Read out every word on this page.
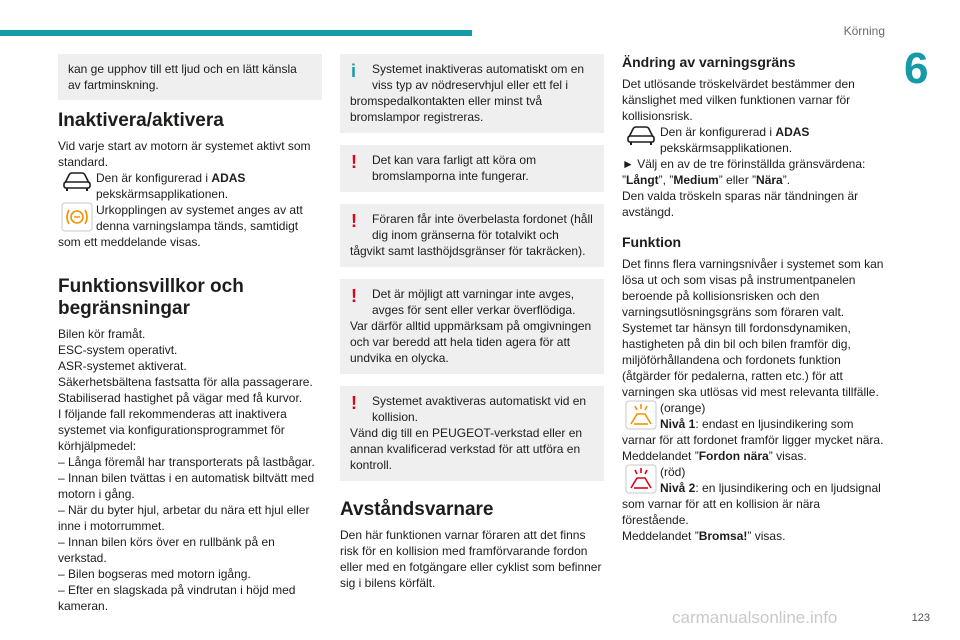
Körning
6

kan ge upphov till ett ljud och en lätt känsla av fartminskning.

Inaktivera/aktivera

Vid varje start av motorn är systemet aktivt som standard.

Den är konfigurerad i ADAS pekskärmsapplikationen.

Urkopplingen av systemet anges av att denna varningslampa tänds, samtidigt som ett meddelande visas.

Funktionsvillkor och begränsningar

Bilen kör framåt.

ESC-system operativt.

ASR-systemet aktiverat.

Säkerhetsbältena fastsatta för alla passagerare.

Stabiliserad hastighet på vägar med få kurvor.

I följande fall rekommenderas att inaktivera systemet via konfigurationsprogrammet för körhjälpmedel:

– Långa föremål har transporterats på lastbågar.

– Innan bilen tvättas i en automatisk biltvätt med motorn i gång.

– När du byter hjul, arbetar du nära ett hjul eller inne i motorrummet.

– Innan bilen körs över en rullbänk på en verkstad.

– Bilen bogseras med motorn igång.

– Efter en slagskada på vindrutan i höjd med kameran.

i	Systemet inaktiveras automatiskt om en viss typ av nödreservhjul eller ett fel i

bromspedalkontakten eller minst två bromslampor registreras.

!	Det kan vara farligt att köra om bromslamporna inte fungerar.

!	Föraren får inte överbelasta fordonet (håll dig inom gränserna för totalvikt och

tågvikt samt lasthöjdsgränser för takräcken).

!	Det är möjligt att varningar inte avges, avges för sent eller verkar överflödiga.

Var därför alltid uppmärksam på omgivningen och var beredd att hela tiden agera för att undvika en olycka.

!	Systemet avaktiveras automatiskt vid en kollision.

Vänd dig till en PEUGEOT-verkstad eller en annan kvalificerad verkstad för att utföra en kontroll.

Avståndsvarnare

Den här funktionen varnar föraren att det finns risk för en kollision med framförvarande fordon eller med en fotgängare eller cyklist som befinner sig i bilens körfält.

Ändring av varningsgräns

Det utlösande tröskelvärdet bestämmer den känslighet med vilken funktionen varnar för kollisionsrisk.

Den är konfigurerad i ADAS pekskärmsapplikationen.

► Välj en av de tre förinställda gränsvärdena: ”Långt”, ”Medium” eller ”Nära”.

Den valda tröskeln sparas när tändningen är avstängd.

Funktion

Det finns flera varningsnivåer i systemet som kan lösa ut och som visas på instrumentpanelen beroende på kollisionsrisken och den varningsutlösningsgräns som föraren valt. Systemet tar hänsyn till fordonsdynamiken, hastigheten på din bil och bilen framför dig, miljöförhållandena och fordonets funktion (åtgärder för pedalerna, ratten etc.) för att varningen ska utlösas vid mest relevanta tillfälle.

(orange)

Nivå 1: endast en ljusindikering som varnar för att fordonet framför ligger mycket nära.

Meddelandet ”Fordon nära” visas.

(röd)

Nivå 2: en ljusindikering och en ljudsignal som varnar för att en kollision är nära förestående.

Meddelandet ”Bromsa!” visas.

carmanualsonline.info	123
